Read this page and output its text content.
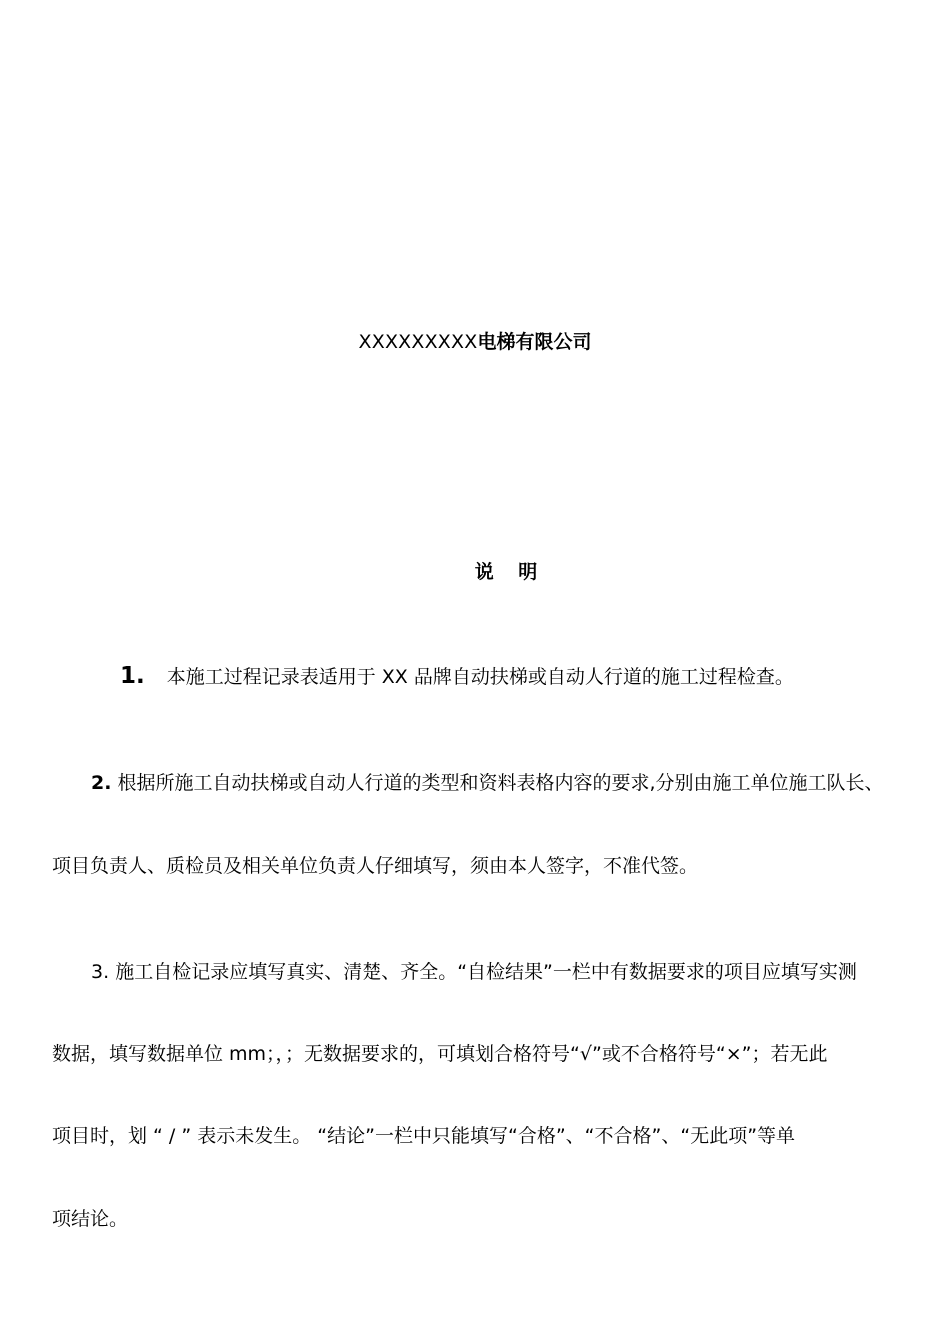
XXXXXXXXX电梯有限公司
说 明
1. 本施工过程记录表适用于 XX 品牌自动扶梯或自动人行道的施工过程检查。
2. 根据所施工自动扶梯或自动人行道的类型和资料表格内容的要求,分别由施工单位施工队长、
项目负责人、质检员及相关单位负责人仔细填写，须由本人签字，不准代签。
3. 施工自检记录应填写真实、清楚、齐全。“自检结果”一栏中有数据要求的项目应填写实测
数据，填写数据单位 mm；，；无数据要求的，可填划合格符号“√”或不合格符号“×”；若无此
项目时，划 “ / ” 表示未发生。 “结论”一栏中只能填写“合格”、“不合格”、“无此项”等单
项结论。
